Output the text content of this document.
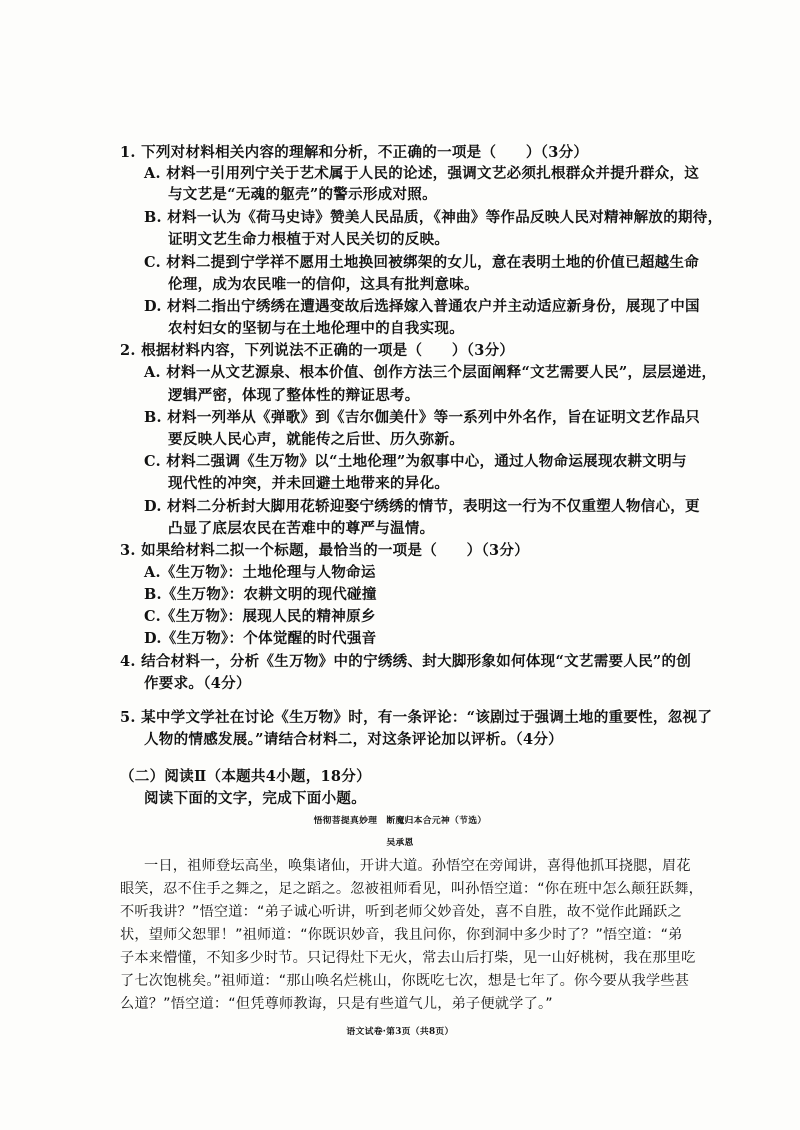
1. 下列对材料相关内容的理解和分析，不正确的一项是（　　）（3分）
A. 材料一引用列宁关于艺术属于人民的论述，强调文艺必须扎根群众并提升群众，这
与文艺是“无魂的躯壳”的警示形成对照。
B. 材料一认为《荷马史诗》赞美人民品质，《神曲》等作品反映人民对精神解放的期待，
证明文艺生命力根植于对人民关切的反映。
C. 材料二提到宁学祥不愿用土地换回被绑架的女儿，意在表明土地的价值已超越生命
伦理，成为农民唯一的信仰，这具有批判意味。
D. 材料二指出宁绣绣在遭遇变故后选择嫁入普通农户并主动适应新身份，展现了中国
农村妇女的坚韧与在土地伦理中的自我实现。
2. 根据材料内容，下列说法不正确的一项是（　　）（3分）
A. 材料一从文艺源泉、根本价值、创作方法三个层面阐释“文艺需要人民”，层层递进，
逻辑严密，体现了整体性的辩证思考。
B. 材料一列举从《弹歌》到《吉尔伽美什》等一系列中外名作，旨在证明文艺作品只
要反映人民心声，就能传之后世、历久弥新。
C. 材料二强调《生万物》以“土地伦理”为叙事中心，通过人物命运展现农耕文明与
现代性的冲突，并未回避土地带来的异化。
D. 材料二分析封大脚用花轿迎娶宁绣绣的情节，表明这一行为不仅重塑人物信心，更
凸显了底层农民在苦难中的尊严与温情。
3. 如果给材料二拟一个标题，最恰当的一项是（　　）（3分）
A.《生万物》：土地伦理与人物命运
B.《生万物》：农耕文明的现代碰撞
C.《生万物》：展现人民的精神原乡
D.《生万物》：个体觉醒的时代强音
4. 结合材料一，分析《生万物》中的宁绣绣、封大脚形象如何体现“文艺需要人民”的创
作要求。（4分）
5. 某中学文学社在讨论《生万物》时，有一条评论：“该剧过于强调土地的重要性，忽视了
人物的情感发展。”请结合材料二，对这条评论加以评析。（4分）
（二）阅读Ⅱ（本题共4小题，18分）
阅读下面的文字，完成下面小题。
悟彻菩提真妙理　断魔归本合元神（节选）
吴承恩
一日，祖师登坛高坐，唤集诸仙，开讲大道。孙悟空在旁闻讲，喜得他抓耳挠腮，眉花
眼笑，忍不住手之舞之，足之蹈之。忽被祖师看见，叫孙悟空道：“你在班中怎么颠狂跃舞，
不听我讲？”悟空道：“弟子诚心听讲，听到老师父妙音处，喜不自胜，故不觉作此踊跃之
状，望师父恕罪！”祖师道：“你既识妙音，我且问你，你到洞中多少时了？”悟空道：“弟
子本来懵懂，不知多少时节。只记得灶下无火，常去山后打柴，见一山好桃树，我在那里吃
了七次饱桃矣。”祖师道：“那山唤名烂桃山，你既吃七次，想是七年了。你今要从我学些甚
么道？”悟空道：“但凭尊师教诲，只是有些道气儿，弟子便就学了。”
语文试卷·第3页（共8页）
